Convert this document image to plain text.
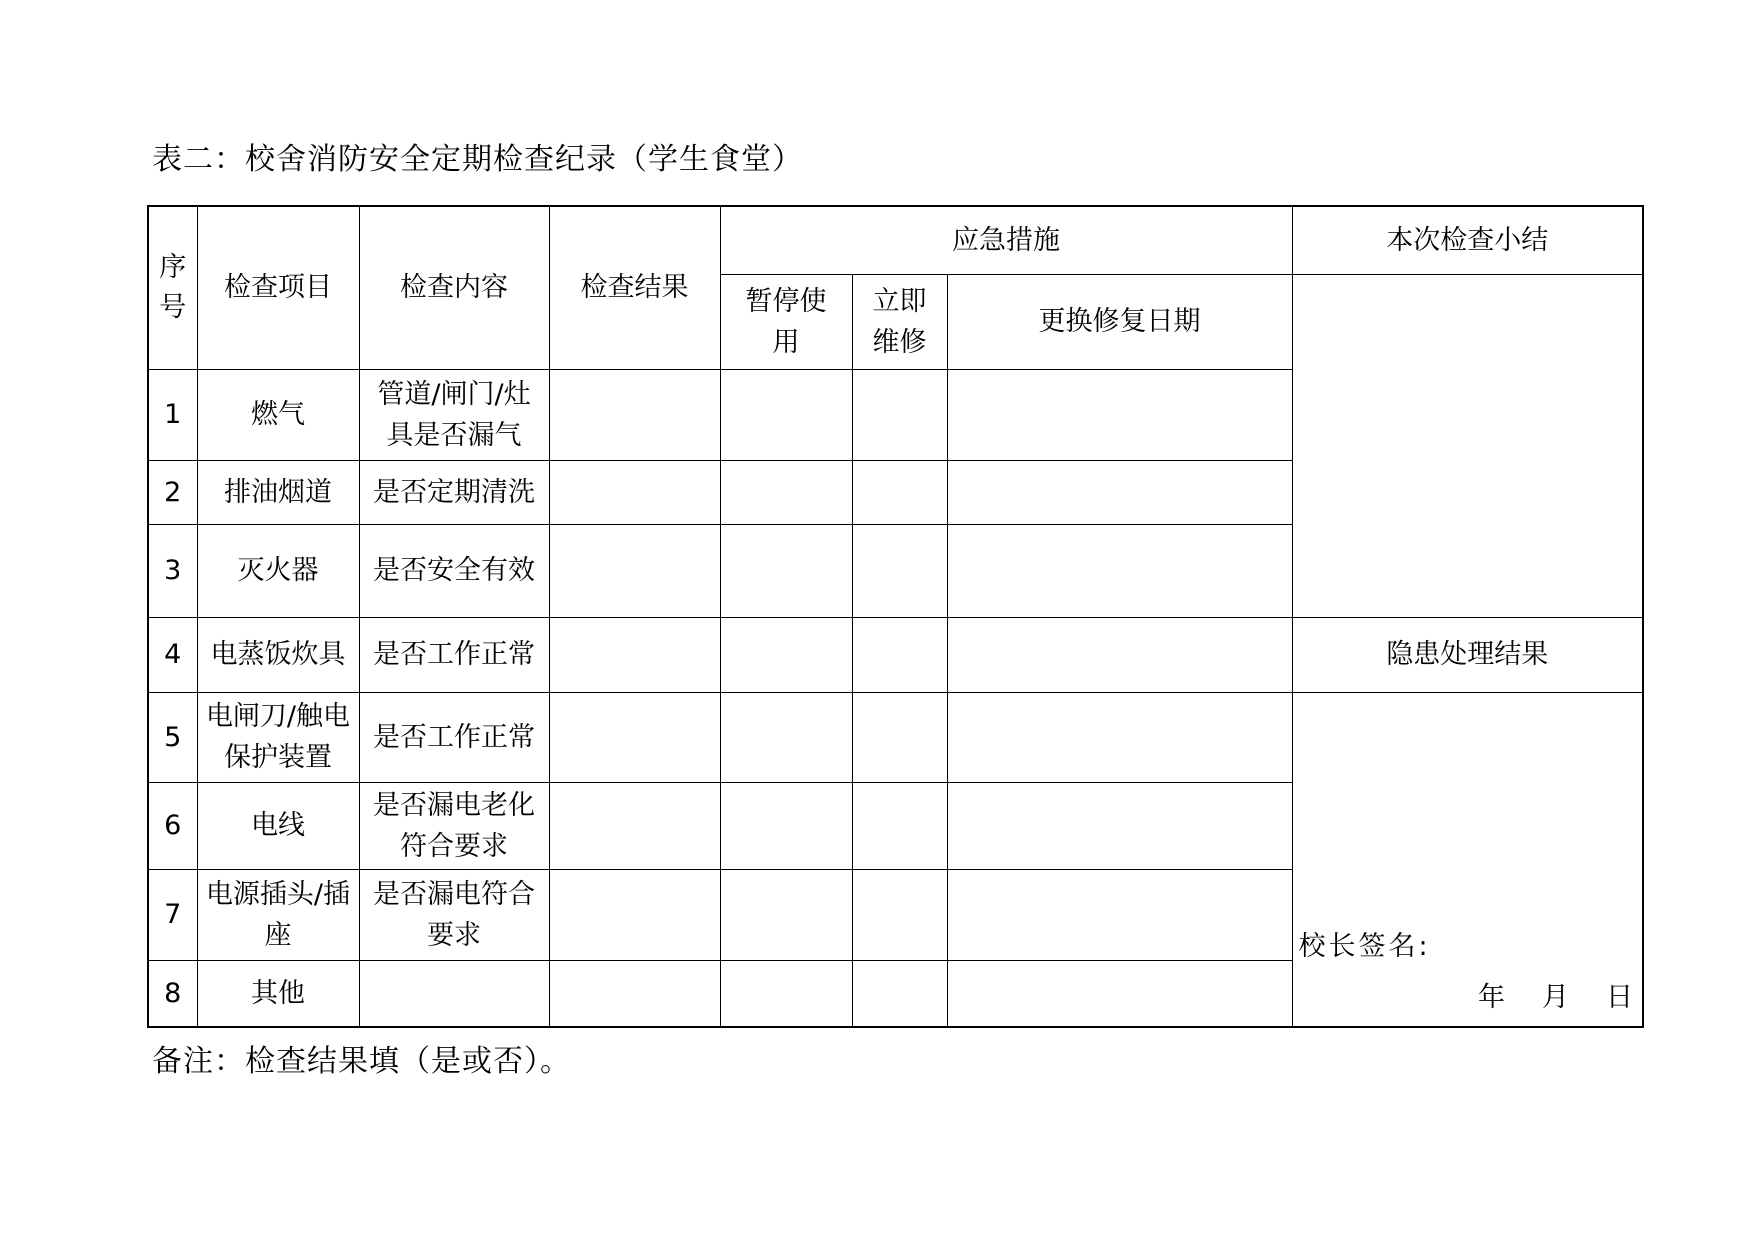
表二：校舍消防安全定期检查纪录（学生食堂）
序号	检查项目	检查内容	检查结果	应急措施			本次检查小结
				暂停使用	立即维修	更换修复日期	
1	燃气	管道/闸门/灶具是否漏气					
2	排油烟道	是否定期清洗					
3	灭火器	是否安全有效					
4	电蒸饭炊具	是否工作正常					隐患处理结果
5	电闸刀/触电保护装置	是否工作正常					校长签名:
年 月 日

6	电线	是否漏电老化符合要求					
7	电源插头/插座	是否漏电符合要求					
8	其他						
备注：检查结果填（是或否）。
